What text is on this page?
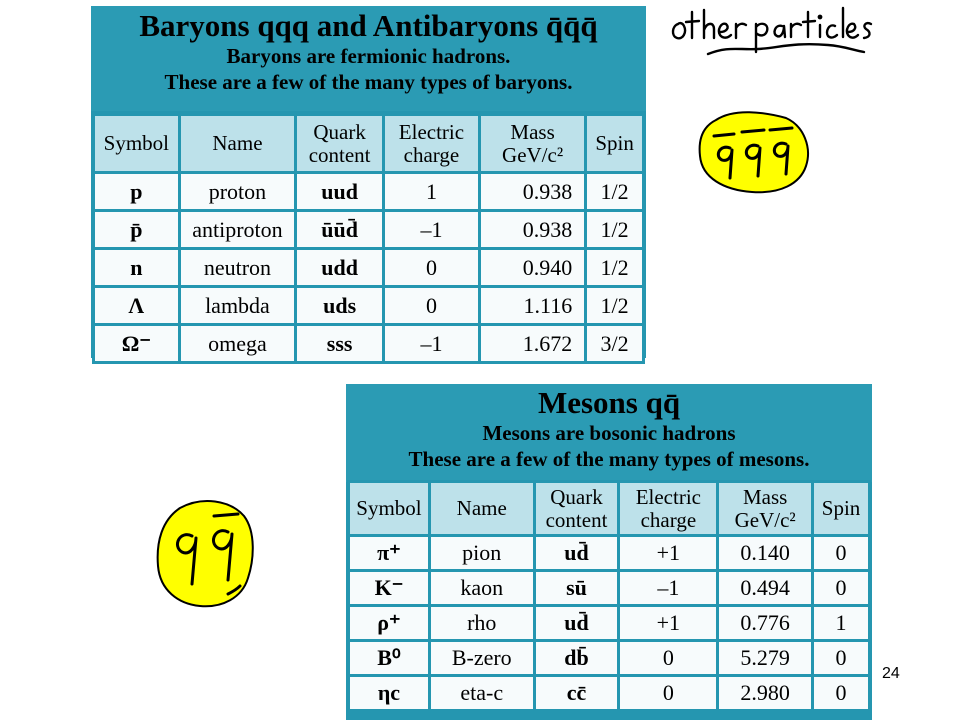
Baryons qqq and Antibaryons q̄q̄q̄
Baryons are fermionic hadrons.
These are a few of the many types of baryons.
Symbol	Name	Quark content	Electric charge	Mass GeV/c²	Spin
p	proton	uud	1	0.938	1/2
p̄	antiproton	ūūd̄	–1	0.938	1/2
n	neutron	udd	0	0.940	1/2
Λ	lambda	uds	0	1.116	1/2
Ω⁻	omega	sss	–1	1.672	3/2
Mesons qq̄
Mesons are bosonic hadrons
These are a few of the many types of mesons.
Symbol	Name	Quark content	Electric charge	Mass GeV/c²	Spin
π⁺	pion	ud̄	+1	0.140	0
K⁻	kaon	sū	–1	0.494	0
ρ⁺	rho	ud̄	+1	0.776	1
B⁰	B-zero	db̄	0	5.279	0
ηc	eta-c	cc̄	0	2.980	0
24
